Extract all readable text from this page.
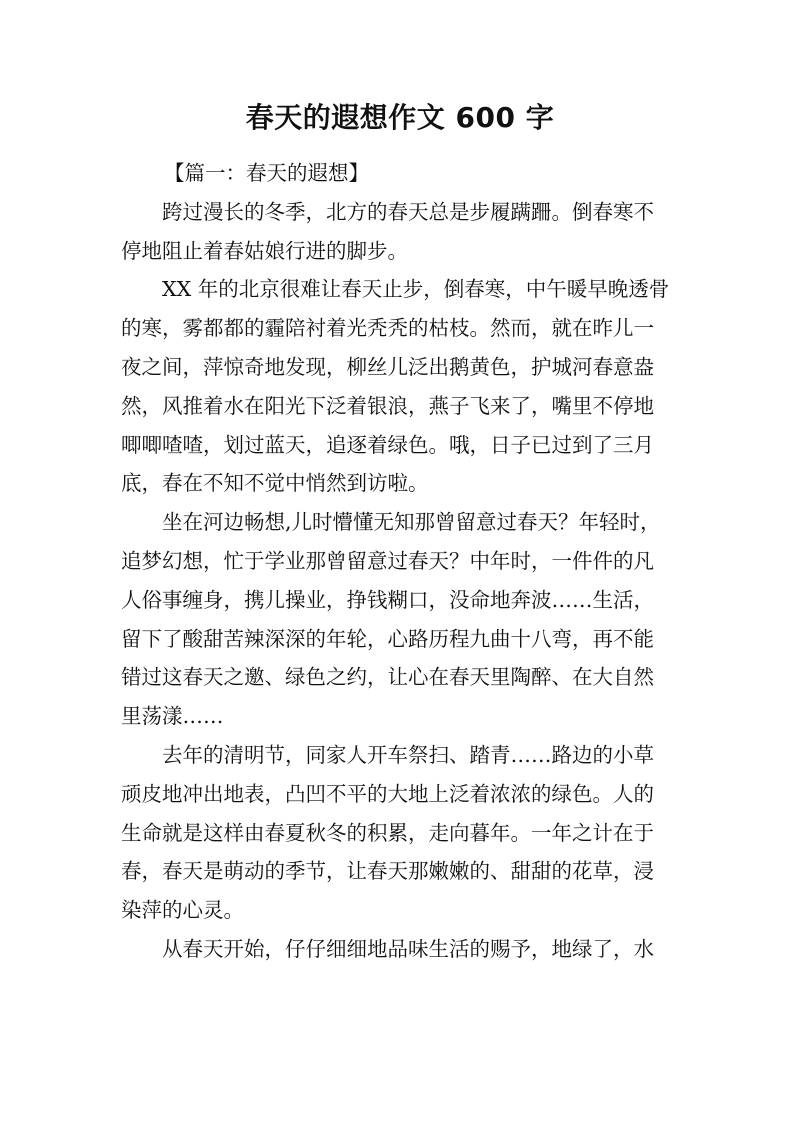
春天的遐想作文 600 字

【篇一：春天的遐想】

跨过漫长的冬季，北方的春天总是步履蹒跚。倒春寒不
停地阻止着春姑娘行进的脚步。

XX 年的北京很难让春天止步，倒春寒，中午暖早晚透骨
的寒，雾都都的霾陪衬着光秃秃的枯枝。然而，就在昨儿一
夜之间，萍惊奇地发现，柳丝儿泛出鹅黄色，护城河春意盎
然，风推着水在阳光下泛着银浪，燕子飞来了，嘴里不停地
唧唧喳喳，划过蓝天，追逐着绿色。哦，日子已过到了三月
底，春在不知不觉中悄然到访啦。

坐在河边畅想,儿时懵懂无知那曾留意过春天？年轻时，
追梦幻想，忙于学业那曾留意过春天？中年时，一件件的凡
人俗事缠身，携儿操业，挣钱糊口，没命地奔波……生活，
留下了酸甜苦辣深深的年轮，心路历程九曲十八弯，再不能
错过这春天之邀、绿色之约，让心在春天里陶醉、在大自然
里荡漾……

去年的清明节，同家人开车祭扫、踏青……路边的小草
顽皮地冲出地表，凸凹不平的大地上泛着浓浓的绿色。人的
生命就是这样由春夏秋冬的积累，走向暮年。一年之计在于
春，春天是萌动的季节，让春天那嫩嫩的、甜甜的花草，浸
染萍的心灵。

从春天开始，仔仔细细地品味生活的赐予，地绿了，水
